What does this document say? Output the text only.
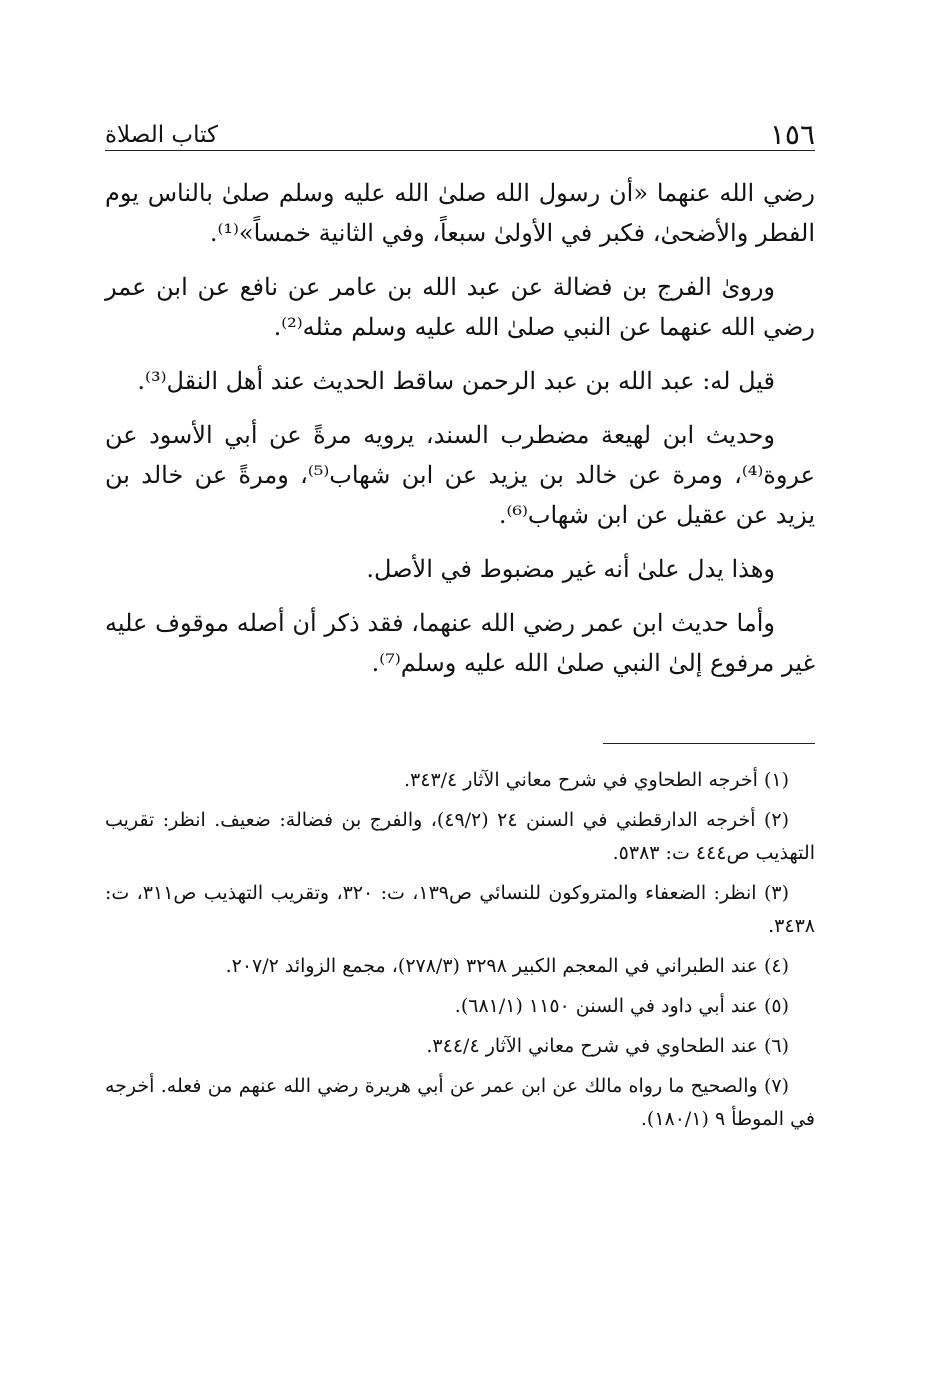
١٥٦
كتاب الصلاة

رضي الله عنهما «أن رسول الله صلىٰ الله عليه وسلم صلىٰ بالناس يوم الفطر والأضحىٰ، فكبر في الأولىٰ سبعاً، وفي الثانية خمساً»⁽¹⁾.

ورویٰ الفرج بن فضالة عن عبد الله بن عامر عن نافع عن ابن عمر رضي الله عنهما عن النبي صلىٰ الله عليه وسلم مثله⁽²⁾.

قيل له: عبد الله بن عبد الرحمن ساقط الحديث عند أهل النقل⁽³⁾.

وحديث ابن لهيعة مضطرب السند، يرويه مرةً عن أبي الأسود عن عروة⁽⁴⁾، ومرة عن خالد بن يزيد عن ابن شهاب⁽⁵⁾، ومرةً عن خالد بن يزيد عن عقيل عن ابن شهاب⁽⁶⁾.

وهذا يدل علىٰ أنه غير مضبوط في الأصل.

وأما حديث ابن عمر رضي الله عنهما، فقد ذكر أن أصله موقوف عليه غير مرفوع إلىٰ النبي صلىٰ الله عليه وسلم⁽⁷⁾.

(١) أخرجه الطحاوي في شرح معاني الآثار ٣٤٣/٤.

(٢) أخرجه الدارقطني في السنن ٢٤ (٤٩/٢)، والفرج بن فضالة: ضعيف. انظر: تقريب التهذيب ص٤٤٤ ت: ٥٣٨٣.

(٣) انظر: الضعفاء والمتروكون للنسائي ص١٣٩، ت: ٣٢٠، وتقريب التهذيب ص٣١١، ت: ٣٤٣٨.

(٤) عند الطبراني في المعجم الكبير ٣٢٩٨ (٢٧٨/٣)، مجمع الزوائد ٢٠٧/٢.

(٥) عند أبي داود في السنن ١١٥٠ (٦٨١/١).

(٦) عند الطحاوي في شرح معاني الآثار ٣٤٤/٤.

(٧) والصحيح ما رواه مالك عن ابن عمر عن أبي هريرة رضي الله عنهم من فعله. أخرجه في الموطأ ٩ (١٨٠/١).
